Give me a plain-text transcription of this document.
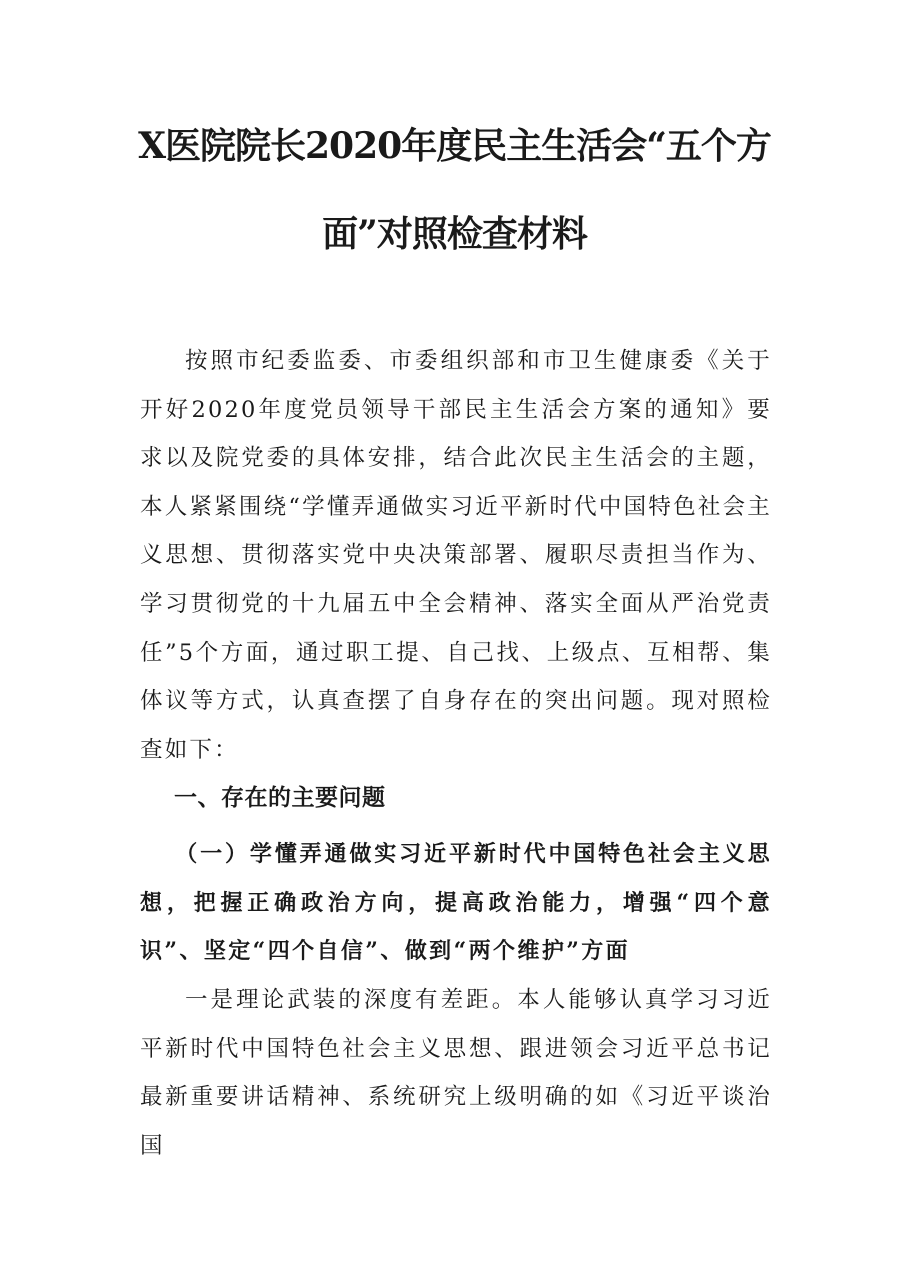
X医院院长2020年度民主生活会“五个方
面”对照检查材料

按照市纪委监委、市委组织部和市卫生健康委《关于开好2020年度党员领导干部民主生活会方案的通知》要求以及院党委的具体安排，结合此次民主生活会的主题，本人紧紧围绕“学懂弄通做实习近平新时代中国特色社会主义思想、贯彻落实党中央决策部署、履职尽责担当作为、学习贯彻党的十九届五中全会精神、落实全面从严治党责任”5个方面，通过职工提、自己找、上级点、互相帮、集体议等方式，认真查摆了自身存在的突出问题。现对照检查如下：

一、存在的主要问题
（一）学懂弄通做实习近平新时代中国特色社会主义思想，把握正确政治方向，提高政治能力，增强“四个意识”、坚定“四个自信”、做到“两个维护”方面

一是理论武装的深度有差距。本人能够认真学习习近平新时代中国特色社会主义思想、跟进领会习近平总书记最新重要讲话精神、系统研究上级明确的如《习近平谈治国
